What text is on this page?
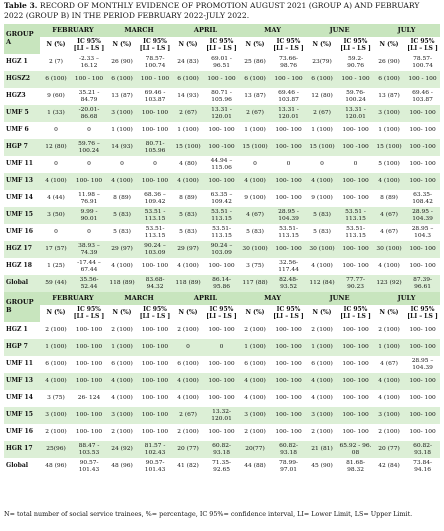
Table 3. RECORD OF MONTHLY EVIDENCE OF PROMOTION AUGUST 2021 (GROUP A) AND FEBRUARY 2022 (GROUP B) IN THE PERIOD FEBRUARY 2022-JULY 2022.
GROUP A	FEBRUARY		MARCH		APRIL		MAY		JUNE		JULY	
	N (%)	IC 95% [LI – LS ]	N (%)	IC 95% [LI – LS ]	N (%)	IC 95% [LI – LS ]	N (%)	IC 95% [LI – LS ]	N (%)	IC 95% [LI – LS ]	N (%)	IC 95% [LI – LS ]
HGZ 1	2 (7)	-2.33 – 16.12	26 (90)	78.57- 100.74	24 (83)	69.01 - 96.51	25 (86)	73.66- 98.76	23(79)	59.2- 90.76	26 (90)	78.57- 100.74
HGSZ2	6 (100)	100 - 100	6 (100)	100 - 100	6 (100)	100 - 100	6 (100)	100 - 100	6 (100)	100 - 100	6 (100)	100 - 100
HGZ3	9 (60)	35.21 - 84.79	13 (87)	69.46 - 103.87	14 (93)	80.71 - 105.96	13 (87)	69.46 - 103.87	12 (80)	59.76- 100.24	13 (87)	69.46 - 103.87
UMF 5	1 (33)	-20.01- 86.68	3 (100)	100- 100	2 (67)	13.31 - 120.01	2 (67)	13.31 - 120.01	2 (67)	13.31 - 120.01	3 (100)	100- 100
UMF 6	0	0	1 (100)	100- 100	1 (100)	100- 100	1 (100)	100- 100	1 (100)	100- 100	1 (100)	100- 100
HGP 7	12 (80)	59.76 – 100.24	14 (93)	80.71- 105.96	15 (100)	100 -100	15 (100)	100- 100	15 (100)	100 -100	15 (100)	100 -100
UMF 11	0	0	0	0	4 (80)	44.94 – 115.06	0	0	0	0	5 (100)	100- 100
UMF 13	4 (100)	100- 100	4 (100)	100- 100	4 (100)	100- 100	4 (100)	100- 100	4 (100)	100- 100	4 (100)	100- 100
UMF 14	4 (44)	11.98 – 76.91	8 (89)	68.36 – 109.42	8 (89)	63.35 – 109.42	9 (100)	100- 100	9 (100)	100- 100	8 (89)	63.35- 108.42
UMF 15	3 (50)	9.99 - 90.01	5 (83)	53.51 - 113.15	5 (83)	53.51 - 113.15	4 (67)	28.95 - 104.39	5 (83)	53.51 - 113.15	4 (67)	28.95 - 104.39
UMF 16	0	0	5 (83)	53.51- 113.15	5 (83)	53.51- 113.15	5 (83)	53.51- 113.15	5 (83)	53.51- 113.15	4 (67)	28.95 – 104.3
HGZ 17	17 (57)	38.93 – 74.39	29 (97)	90.24 – 103.09	29 (97)	90.24 – 103.09	30 (100)	100- 100	30 (100)	100- 100	30 (100)	100- 100
HGZ 18	1 (25)	-17.44 – 67.44	4 (100)	100- 100	4 (100)	100- 100	3 (75)	32.56- 117.44	4 (100)	100- 100	4 (100)	100- 100
Global	59 (44)	35.56- 52.44	118 (89)	83.68- 94.32	118 (89)	86.14- 95.86	117 (88)	82.48- 93.52	112 (84)	77.77- 90.23	123 (92)	87.39- 96.61
GROUP B	FEBRUARY		MARCH		APRIL		MAY		JUNE		JULY	
	N (%)	IC 95% [LI – LS ]	N (%)	IC 95% [LI – LS ]	N (%)	IC 95% [LI – LS ]	N (%)	IC 95% [LI – LS ]	N (%)	IC 95% [LI – LS ]	N (%)	IC 95% [LI – LS ]
HGZ 1	2 (100)	100- 100	2 (100)	100- 100	2 (100)	100- 100	2 (100)	100- 100	2 (100)	100- 100	2 (100)	100- 100
HGP 7	1 (100)	100- 100	1 (100)	100- 100	0	0	1 (100)	100- 100	1 (100)	100- 100	1 (100)	100- 100
UMF 11	6 (100)	100- 100	6 (100)	100- 100	6 (100)	100- 100	6 (100)	100- 100	6 (100)	100- 100	4 (67)	28.95 – 104.39
UMF 13	4 (100)	100- 100	4 (100)	100- 100	4 (100)	100- 100	4 (100)	100- 100	4 (100)	100- 100	4 (100)	100- 100
UMF 14	3 (75)	26- 124	4 (100)	100- 100	4 (100)	100- 100	4 (100)	100- 100	4 (100)	100- 100	4 (100)	100- 100
UMF 15	3 (100)	100- 100	3 (100)	100- 100	2 (67)	13.32- 120.01	3 (100)	100- 100	3 (100)	100- 100	3 (100)	100- 100
UMF 16	2 (100)	100- 100	2 (100)	100- 100	2 (100)	100- 100	2 (100)	100- 100	2 (100)	100- 100	2 (100)	100- 100
HGR 17	25(96)	88.47 - 103.53	24 (92)	81.57 - 102.43	20 (77)	60.82- 93.18	20(77)	60.82- 93.18	21 (81)	65.92 - 96. 08	20 (77)	60.82- 93.18
Global	48 (96)	90.57- 101.43	48 (96)	90.57- 101.43	41 (82)	71.35- 92.65	44 (88)	78.99- 97.01	45 (90)	81.68- 98.32	42 (84)	73.84- 94.16
N= total number of social service trainees, %= percentage, IC 95%= confidence interval, LI= Lower Limit, LS= Upper Limit.
